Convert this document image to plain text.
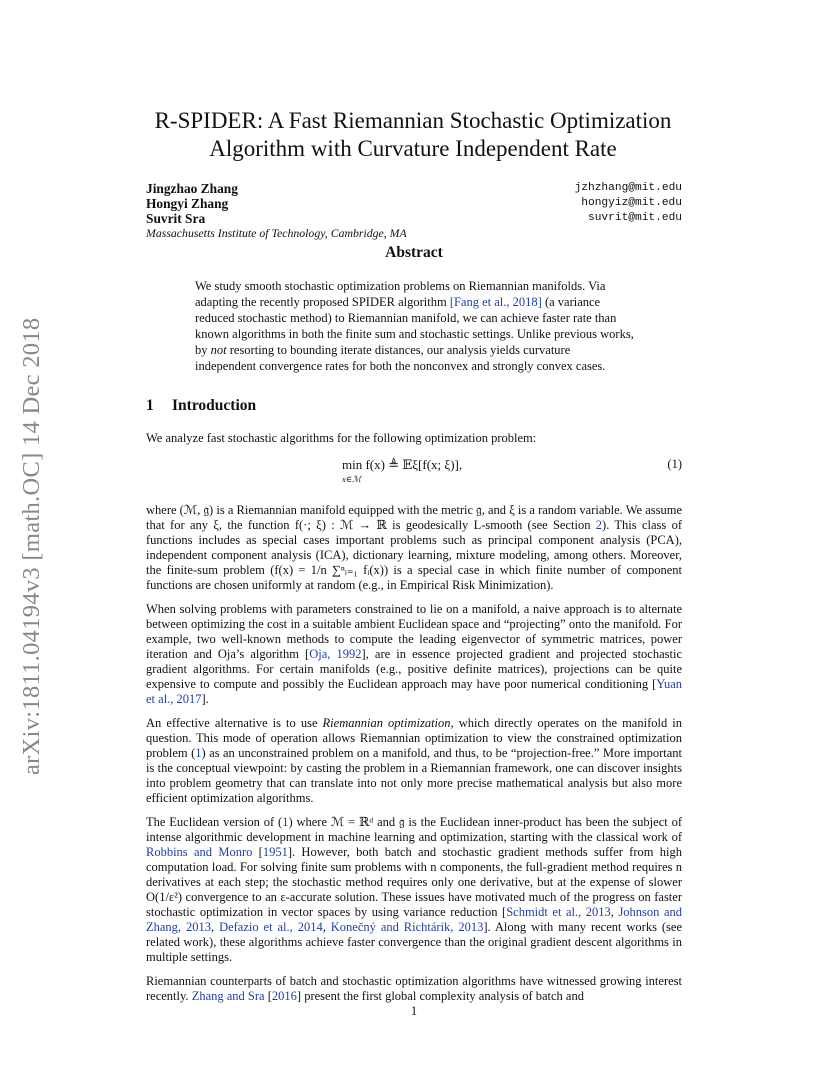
arXiv:1811.04194v3 [math.OC] 14 Dec 2018
R-SPIDER: A Fast Riemannian Stochastic Optimization
Algorithm with Curvature Independent Rate
Jingzhao Zhang	jzhzhang@mit.edu
Hongyi Zhang	hongyiz@mit.edu
Suvrit Sra	suvrit@mit.edu
Massachusetts Institute of Technology, Cambridge, MA
Abstract
We study smooth stochastic optimization problems on Riemannian manifolds. Via adapting the recently proposed SPIDER algorithm [Fang et al., 2018] (a variance reduced stochastic method) to Riemannian manifold, we can achieve faster rate than known algorithms in both the finite sum and stochastic settings. Unlike previous works, by not resorting to bounding iterate distances, our analysis yields curvature independent convergence rates for both the nonconvex and strongly convex cases.
1 Introduction

We analyze fast stochastic algorithms for the following optimization problem:

min f(x) ≜ 𝔼ξ[f(x; ξ)],
x∈ℳ
(1)

where (ℳ, 𝔤) is a Riemannian manifold equipped with the metric 𝔤, and ξ is a random variable. We assume that for any ξ, the function f(·; ξ) : ℳ → ℝ is geodesically L-smooth (see Section 2). This class of functions includes as special cases important problems such as principal component analysis (PCA), independent component analysis (ICA), dictionary learning, mixture modeling, among others. Moreover, the finite-sum problem (f(x) = 1/n ∑ⁿᵢ₌₁ fᵢ(x)) is a special case in which finite number of component functions are chosen uniformly at random (e.g., in Empirical Risk Minimization).

When solving problems with parameters constrained to lie on a manifold, a naive approach is to alternate between optimizing the cost in a suitable ambient Euclidean space and “projecting” onto the manifold. For example, two well-known methods to compute the leading eigenvector of symmetric matrices, power iteration and Oja’s algorithm [Oja, 1992], are in essence projected gradient and projected stochastic gradient algorithms. For certain manifolds (e.g., positive definite matrices), projections can be quite expensive to compute and possibly the Euclidean approach may have poor numerical conditioning [Yuan et al., 2017].

An effective alternative is to use Riemannian optimization, which directly operates on the manifold in question. This mode of operation allows Riemannian optimization to view the constrained optimization problem (1) as an unconstrained problem on a manifold, and thus, to be “projection-free.” More important is the conceptual viewpoint: by casting the problem in a Riemannian framework, one can discover insights into problem geometry that can translate into not only more precise mathematical analysis but also more efficient optimization algorithms.

The Euclidean version of (1) where ℳ = ℝᵈ and 𝔤 is the Euclidean inner-product has been the subject of intense algorithmic development in machine learning and optimization, starting with the classical work of Robbins and Monro [1951]. However, both batch and stochastic gradient methods suffer from high computation load. For solving finite sum problems with n components, the full-gradient method requires n derivatives at each step; the stochastic method requires only one derivative, but at the expense of slower O(1/ε²) convergence to an ε-accurate solution. These issues have motivated much of the progress on faster stochastic optimization in vector spaces by using variance reduction [Schmidt et al., 2013, Johnson and Zhang, 2013, Defazio et al., 2014, Konečný and Richtárik, 2013]. Along with many recent works (see related work), these algorithms achieve faster convergence than the original gradient descent algorithms in multiple settings.

Riemannian counterparts of batch and stochastic optimization algorithms have witnessed growing interest recently. Zhang and Sra [2016] present the first global complexity analysis of batch and

1
